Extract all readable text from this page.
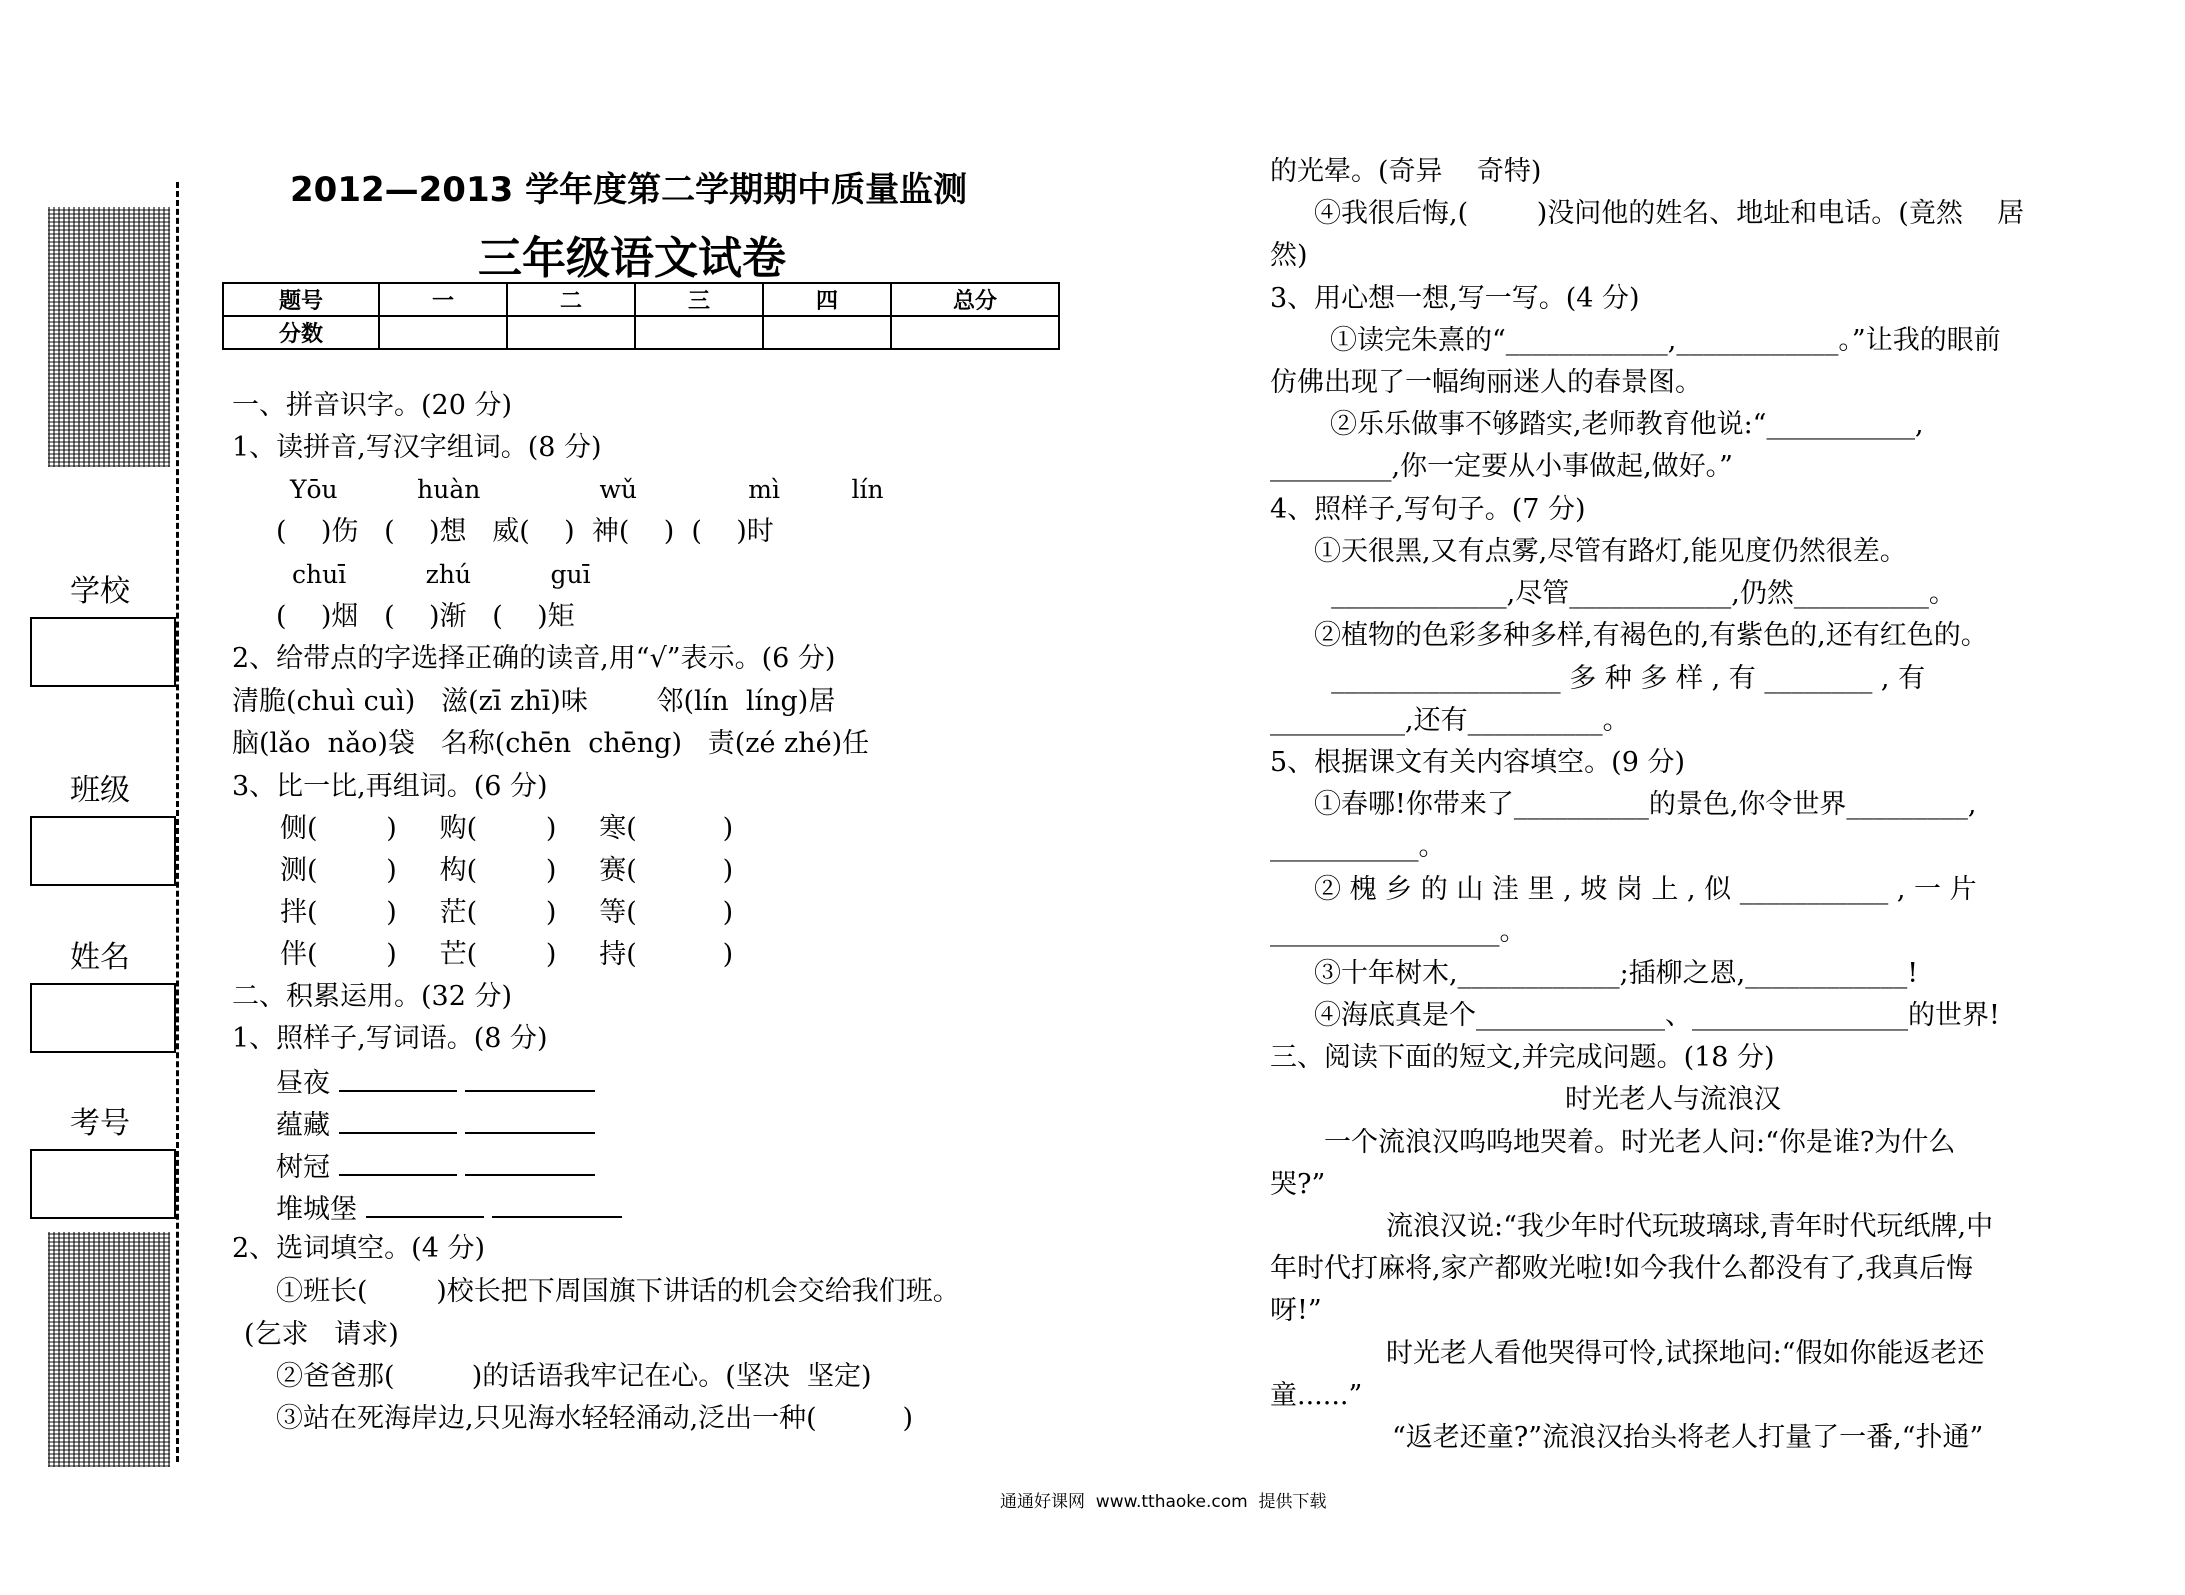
学校
班级
姓名
考号
2012—2013 学年度第二学期期中质量监测
三年级语文试卷
题号	一	二	三	四	总分
分数					
一、拼音识字。(20 分)
1、读拼音,写汉字组词。(8 分)
Yōu          huàn               wǔ              mì         lín
(    )伤   (    )想   威(    )  神(    )  (    )时
chuī          zhú          guī
(    )烟   (    )渐   (    )矩
2、给带点的字选择正确的读音,用“√”表示。(6 分)
清脆(chuì cuì)   滋(zī zhī)味        邻(lín  líng)居
脑(lǎo  nǎo)袋   名称(chēn  chēng)   责(zé zhé)任
3、比一比,再组词。(6 分)
侧(        )     购(        )     寒(          )
测(        )     构(        )     赛(          )
拌(        )     茫(        )     等(          )
伴(        )     芒(        )     持(          )
二、积累运用。(32 分)
1、照样子,写词语。(8 分)
昼夜
蕴藏
树冠
堆城堡
2、选词填空。(4 分)
①班长(        )校长把下周国旗下讲话的机会交给我们班。
(乞求   请求)
②爸爸那(         )的话语我牢记在心。(坚决  坚定)
③站在死海岸边,只见海水轻轻涌动,泛出一种(          )
的光晕。(奇异    奇特)
④我很后悔,(        )没问他的姓名、地址和电话。(竟然    居
然)
3、用心想一想,写一写。(4 分)
①读完朱熹的“____________,____________。”让我的眼前
仿佛出现了一幅绚丽迷人的春景图。
②乐乐做事不够踏实,老师教育他说:“___________,
_________,你一定要从小事做起,做好。”
4、照样子,写句子。(7 分)
①天很黑,又有点雾,尽管有路灯,能见度仍然很差。
_____________,尽管____________,仍然__________。
②植物的色彩多种多样,有褐色的,有紫色的,还有红色的。
_________________ 多 种 多 样 , 有 ________ , 有
__________,还有__________。
5、根据课文有关内容填空。(9 分)
①春哪!你带来了__________的景色,你令世界_________,
___________。
② 槐 乡 的 山 洼 里 , 坡 岗 上 , 似 ___________ , 一 片
_________________。
③十年树木,____________;插柳之恩,____________!
④海底真是个______________、________________的世界!
三、阅读下面的短文,并完成问题。(18 分)
时光老人与流浪汉
一个流浪汉呜呜地哭着。时光老人问:“你是谁?为什么
哭?”
流浪汉说:“我少年时代玩玻璃球,青年时代玩纸牌,中
年时代打麻将,家产都败光啦!如今我什么都没有了,我真后悔
呀!”
时光老人看他哭得可怜,试探地问:“假如你能返老还
童......”
“返老还童?”流浪汉抬头将老人打量了一番,“扑通”
通通好课网  www.tthaoke.com  提供下载
